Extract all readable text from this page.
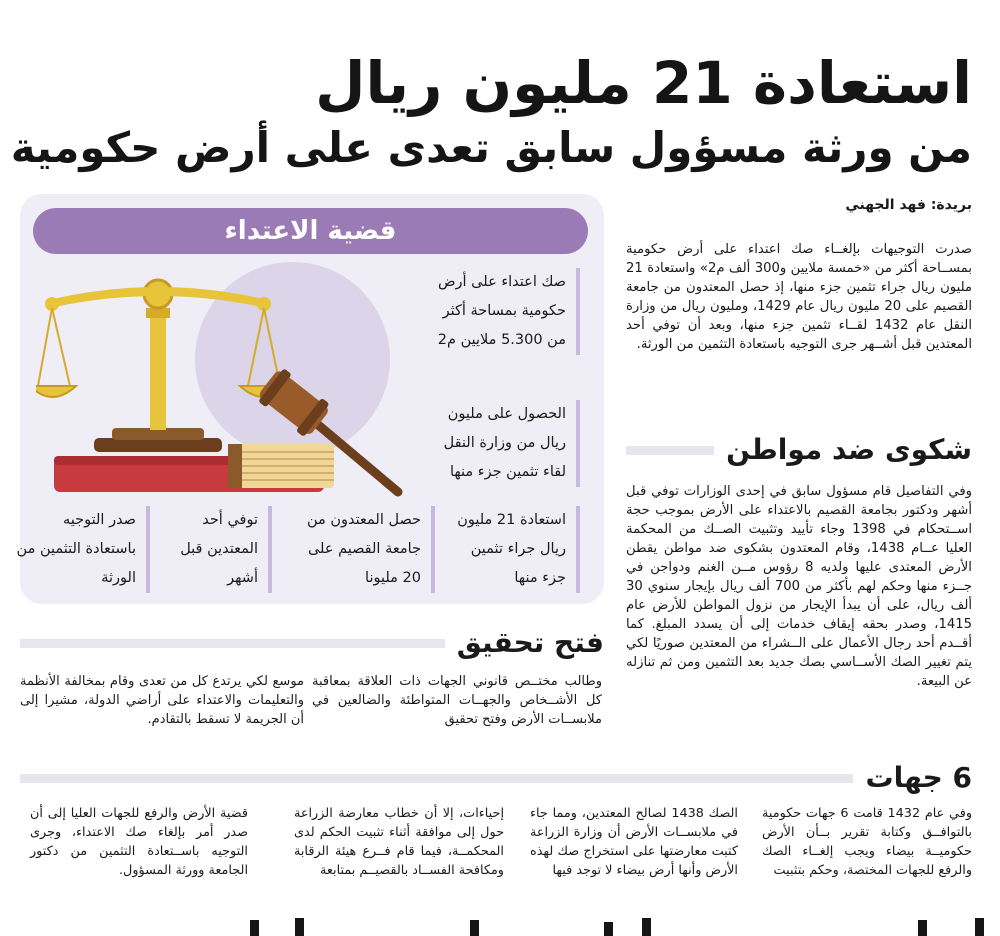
استعادة 21 مليون ريال
من ورثة مسؤول سابق تعدى على أرض حكومية
بريدة: فهد الجهني
صدرت التوجيهات بإلغــاء صك اعتداء على أرض حكومية بمســاحة أكثر من «خمسة ملايين و300 ألف م2» واستعادة 21 مليون ريال جراء تثمين جزء منها، إذ حصل المعتدون من جامعة القصيم على 20 مليون ريال عام 1429، ومليون ريال من وزارة النقل عام 1432 لقــاء تثمين جزء منها، وبعد أن توفي أحد المعتدين قبل أشــهر جرى التوجيه باستعادة التثمين من الورثة.
شكوى ضد مواطن
وفي التفاصيل قام مسؤول سابق في إحدى الوزارات توفي قبل أشهر ودكتور بجامعة القصيم بالاعتداء على الأرض بموجب حجة اســتحكام في 1398 وجاء تأييد وتثبيت الصــك من المحكمة العليا عــام 1438، وقام المعتدون بشكوى ضد مواطن يقطن الأرض المعتدى عليها ولديه 8 رؤوس مــن الغنم ودواجن في جــزء منها وحكم لهم بأكثر من 700 ألف ريال بإيجار سنوي 30 ألف ريال، على أن يبدأ الإيجار من نزول المواطن للأرض عام 1415، وصدر بحقه إيقاف خدمات إلى أن يسدد المبلغ. كما أقــدم أحد رجال الأعمال على الــشراء من المعتدين صوريًا لكي يتم تغيير الصك الأســاسي بصك جديد بعد التثمين ومن ثم تنازله عن البيعة.
قضية الاعتداء
صك اعتداء على أرض حكومية بمساحة أكثر من 5.300 ملايين م2
الحصول على مليون ريال من وزارة النقل لقاء تثمين جزء منها
استعادة 21 مليون ريال جراء تثمين جزء منها
حصل المعتدون من جامعة القصيم على 20 مليونا
توفي أحد المعتدين قبل أشهر
صدر التوجيه باستعادة التثمين من الورثة
فتح تحقيق
وطالب مختــص قانوني الجهات ذات العلاقة بمعاقبة كل الأشــخاص والجهــات المتواطئة والضالعين في ملابســات الأرض وفتح تحقيق
موسع لكي يرتدع كل من تعدى وقام بمخالفة الأنظمة والتعليمات والاعتداء على أراضي الدولة، مشيرا إلى أن الجريمة لا تسقط بالتقادم.
6 جهات
وفي عام 1432 قامت 6 جهات حكومية بالتوافــق وكتابة تقرير بــأن الأرض حكوميــة بيضاء ويجب إلغــاء الصك والرفع للجهات المختصة، وحكم بتثبيت
الصك 1438 لصالح المعتدين، ومما جاء في ملابســات الأرض أن وزارة الزراعة كتبت معارضتها على استخراج صك لهذه الأرض وأنها أرض بيضاء لا توجد فيها
إحياءات، إلا أن خطاب معارضة الزراعة حول إلى موافقة أثناء تثبيت الحكم لدى المحكمــة، فيما قام فــرع هيئة الرقابة ومكافحة الفســاد بالقصيــم بمتابعة
قضية الأرض والرفع للجهات العليا إلى أن صدر أمر بإلغاء صك الاعتداء، وجرى التوجيه باســتعادة التثمين من دكتور الجامعة وورثة المسؤول.
